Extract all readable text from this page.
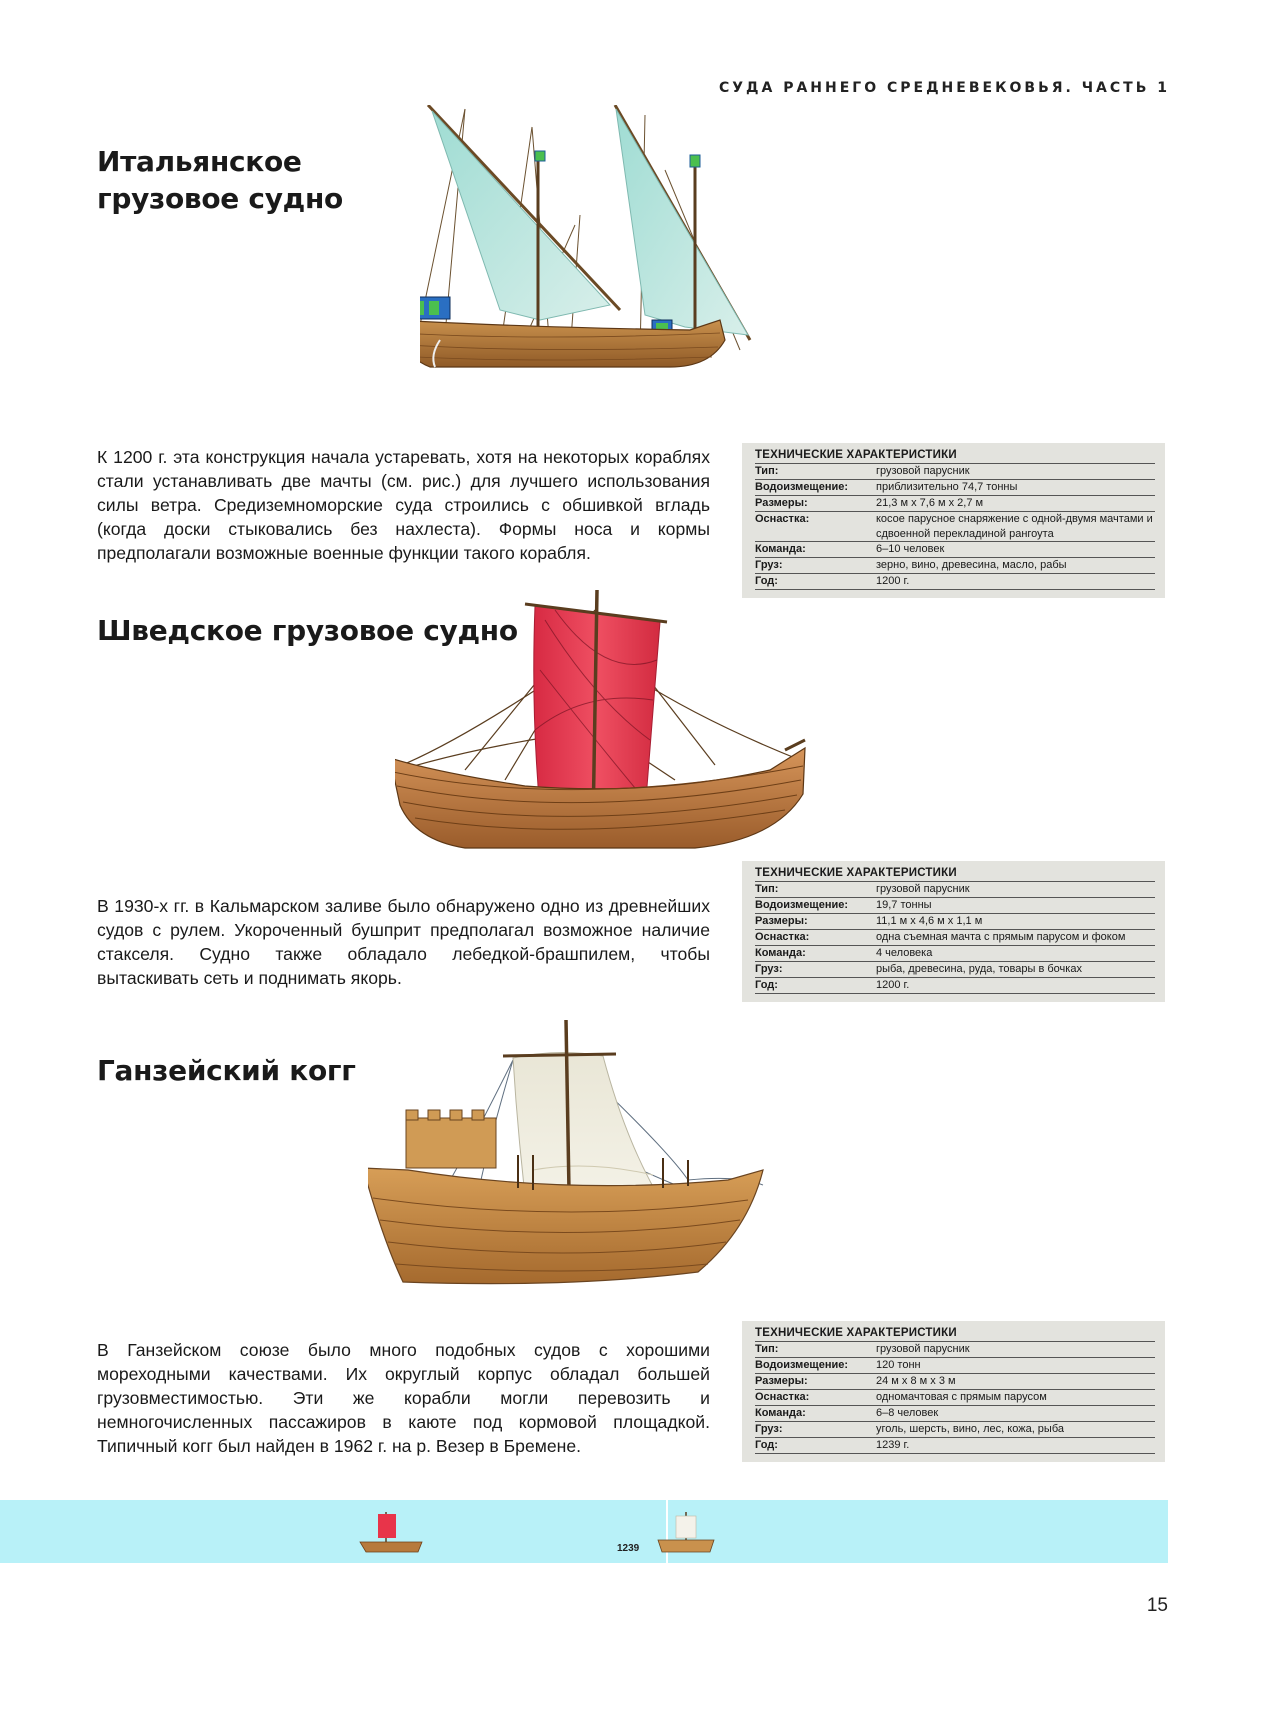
СУДА РАННЕГО СРЕДНЕВЕКОВЬЯ. ЧАСТЬ 1
Итальянское
грузовое судно

К 1200 г. эта конструкция начала устаревать, хотя на некоторых кораблях стали устанавливать две мачты (см. рис.) для лучшего использования силы ветра. Средиземноморские суда строились с обшивкой вгладь (когда доски стыковались без нахлеста). Формы носа и кормы предполагали возможные военные функции такого корабля.

ТЕХНИЧЕСКИЕ ХАРАКТЕРИСТИКИ
Тип:	грузовой парусник
Водоизмещение:	приблизительно 74,7 тонны
Размеры:	21,3 м x 7,6 м x 2,7 м
Оснастка:	косое парусное снаряжение с одной-двумя мачтами и сдвоенной перекладиной рангоута
Команда:	6–10 человек
Груз:	зерно, вино, древесина, масло, рабы
Год:	1200 г.
Шведское грузовое судно
ТЕХНИЧЕСКИЕ ХАРАКТЕРИСТИКИ
Тип:	грузовой парусник
Водоизмещение:	19,7 тонны
Размеры:	11,1 м x 4,6 м x 1,1 м
Оснастка:	одна съемная мачта с прямым парусом и фоком
Команда:	4 человека
Груз:	рыба, древесина, руда, товары в бочках
Год:	1200 г.

В 1930-х гг. в Кальмарском заливе было обнаружено одно из древнейших судов с рулем. Укороченный бушприт предполагал возможное наличие стакселя. Судно также обладало лебедкой-брашпилем, чтобы вытаскивать сеть и поднимать якорь.

Ганзейский когг
ТЕХНИЧЕСКИЕ ХАРАКТЕРИСТИКИ
Тип:	грузовой парусник
Водоизмещение:	120 тонн
Размеры:	24 м x 8 м x 3 м
Оснастка:	одномачтовая с прямым парусом
Команда:	6–8 человек
Груз:	уголь, шерсть, вино, лес, кожа, рыба
Год:	1239 г.

В Ганзейском союзе было много подобных судов с хорошими мореходными качествами. Их округлый корпус обладал большей грузовместимостью. Эти же корабли могли перевозить и немногочисленных пассажиров в каюте под кормовой площадкой. Типичный когг был найден в 1962 г. на р. Везер в Бремене.

1239
15
